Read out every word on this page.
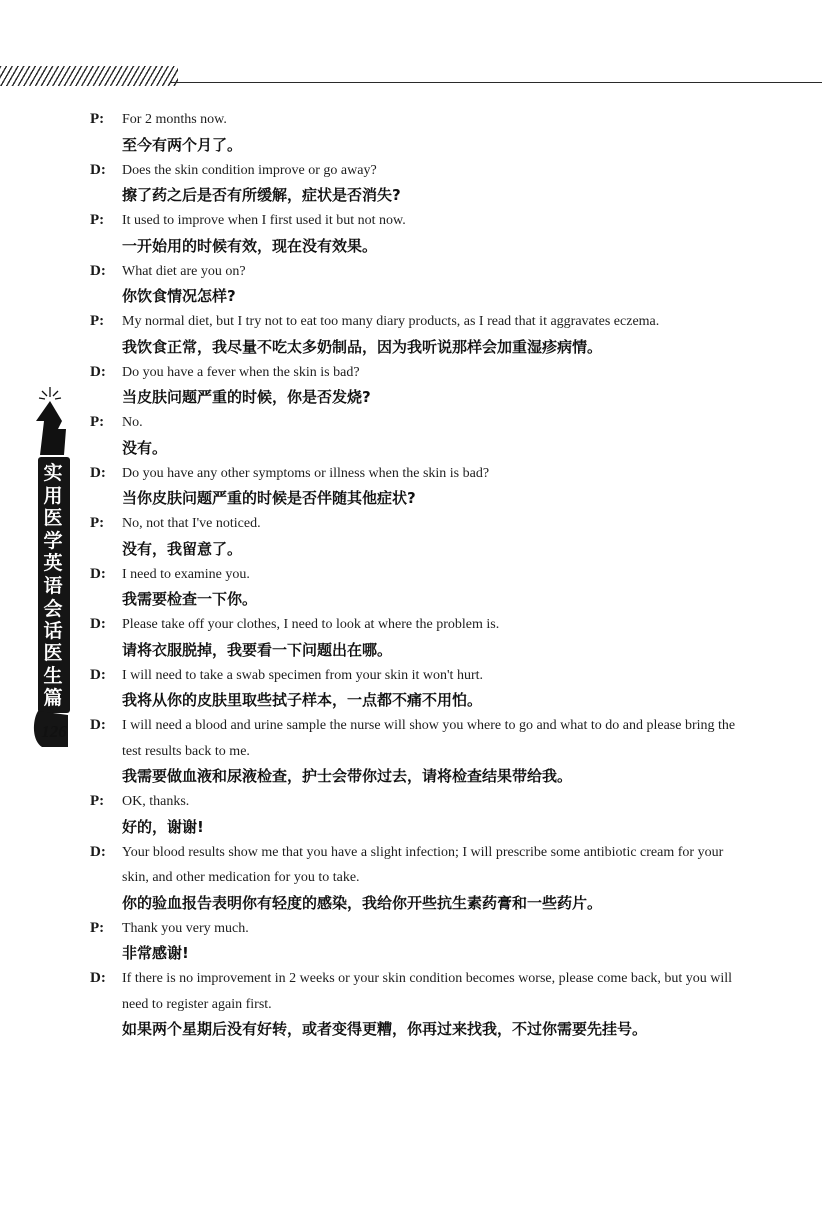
实用医学英语会话
医生篇
126
P:	For 2 months now.
至今有两个月了。
D:	Does the skin condition improve or go away?
擦了药之后是否有所缓解，症状是否消失?
P:	It used to improve when I first used it but not now.
一开始用的时候有效，现在没有效果。
D:	What diet are you on?
你饮食情况怎样?
P:	My normal diet, but I try not to eat too many diary products, as I read that it aggravates eczema.
我饮食正常，我尽量不吃太多奶制品，因为我听说那样会加重湿疹病情。
D:	Do you have a fever when the skin is bad?
当皮肤问题严重的时候，你是否发烧?
P:	No.
没有。
D:	Do you have any other symptoms or illness when the skin is bad?
当你皮肤问题严重的时候是否伴随其他症状?
P:	No, not that I've noticed.
没有，我留意了。
D:	I need to examine you.
我需要检查一下你。
D:	Please take off your clothes, I need to look at where the problem is.
请将衣服脱掉，我要看一下问题出在哪。
D:	I will need to take a swab specimen from your skin it won't hurt.
我将从你的皮肤里取些拭子样本，一点都不痛不用怕。
D:	I will need a blood and urine sample the nurse will show you where to go and what to do and please bring the test results back to me.
我需要做血液和尿液检查，护士会带你过去，请将检查结果带给我。
P:	OK, thanks.
好的，谢谢!
D:	Your blood results show me that you have a slight infection; I will prescribe some antibiotic cream for your skin, and other medication for you to take.
你的验血报告表明你有轻度的感染，我给你开些抗生素药膏和一些药片。
P:	Thank you very much.
非常感谢!
D:	If there is no improvement in 2 weeks or your skin condition becomes worse, please come back, but you will need to register again first.
如果两个星期后没有好转，或者变得更糟，你再过来找我，不过你需要先挂号。
